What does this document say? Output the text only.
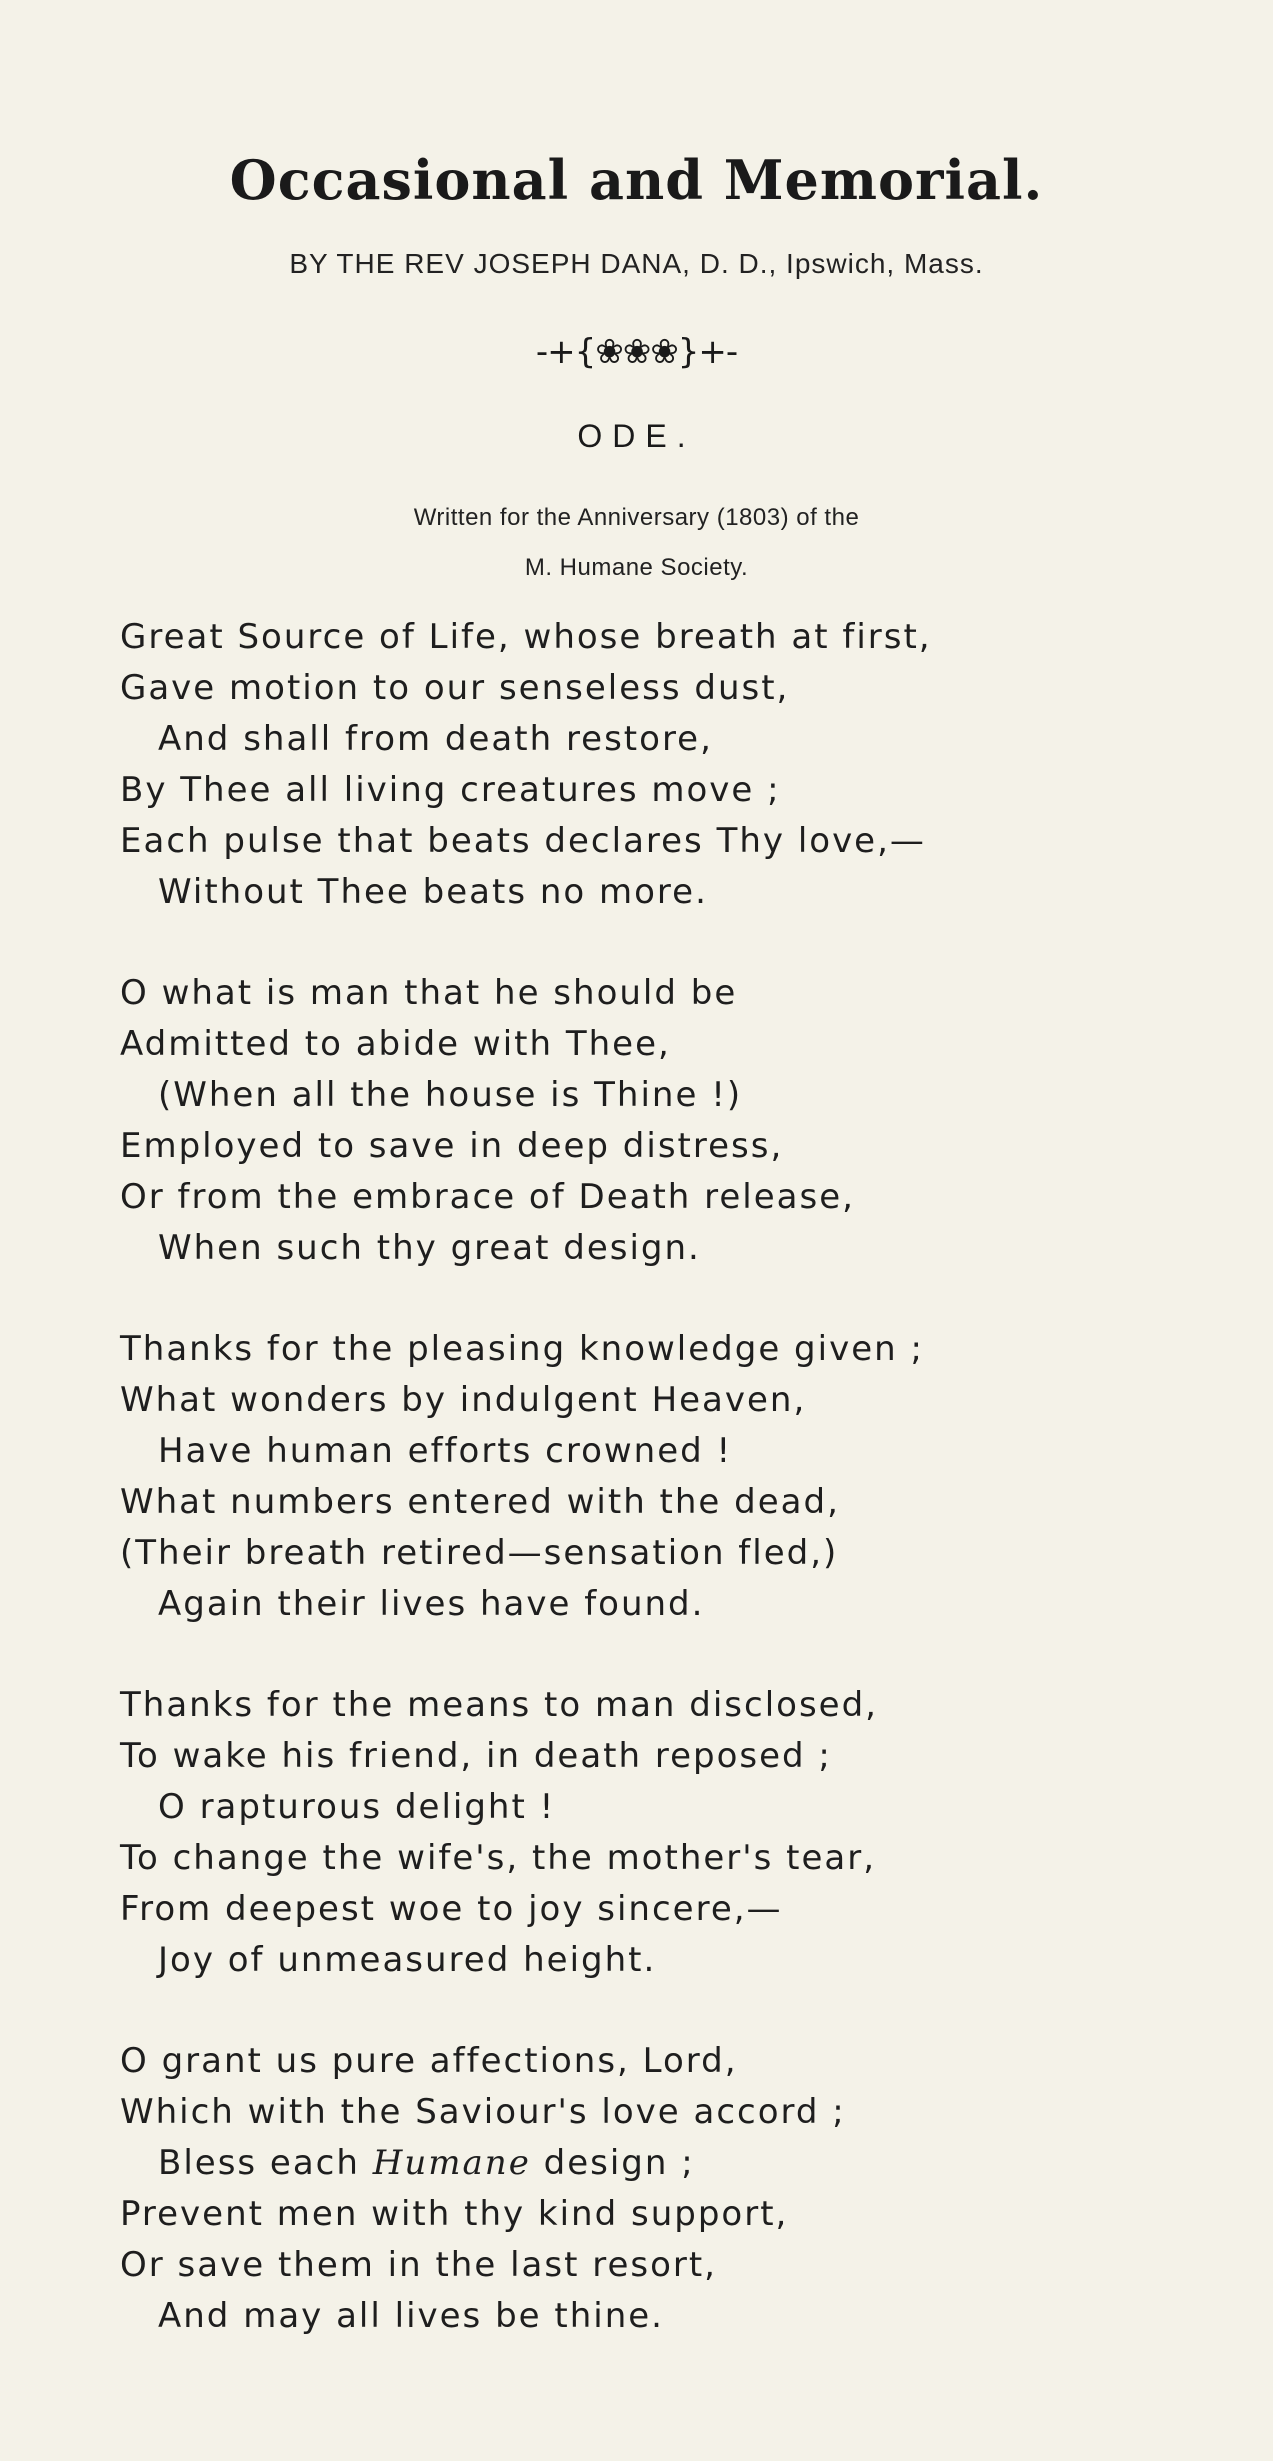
Occasional and Memorial.
BY THE REV JOSEPH DANA, D. D., Ipswich, Mass.
-+{❀❀❀}+-
ODE.
Written for the Anniversary (1803) of the
M. Humane Society.
Great Source of Life, whose breath at first,
Gave motion to our senseless dust,
And shall from death restore,
By Thee all living creatures move ;
Each pulse that beats declares Thy love,—
Without Thee beats no more.
O what is man that he should be
Admitted to abide with Thee,
(When all the house is Thine !)
Employed to save in deep distress,
Or from the embrace of Death release,
When such thy great design.
Thanks for the pleasing knowledge given ;
What wonders by indulgent Heaven,
Have human efforts crowned !
What numbers entered with the dead,
(Their breath retired—sensation fled,)
Again their lives have found.
Thanks for the means to man disclosed,
To wake his friend, in death reposed ;
O rapturous delight !
To change the wife's, the mother's tear,
From deepest woe to joy sincere,—
Joy of unmeasured height.
O grant us pure affections, Lord,
Which with the Saviour's love accord ;
Bless each Humane design ;
Prevent men with thy kind support,
Or save them in the last resort,
And may all lives be thine.
